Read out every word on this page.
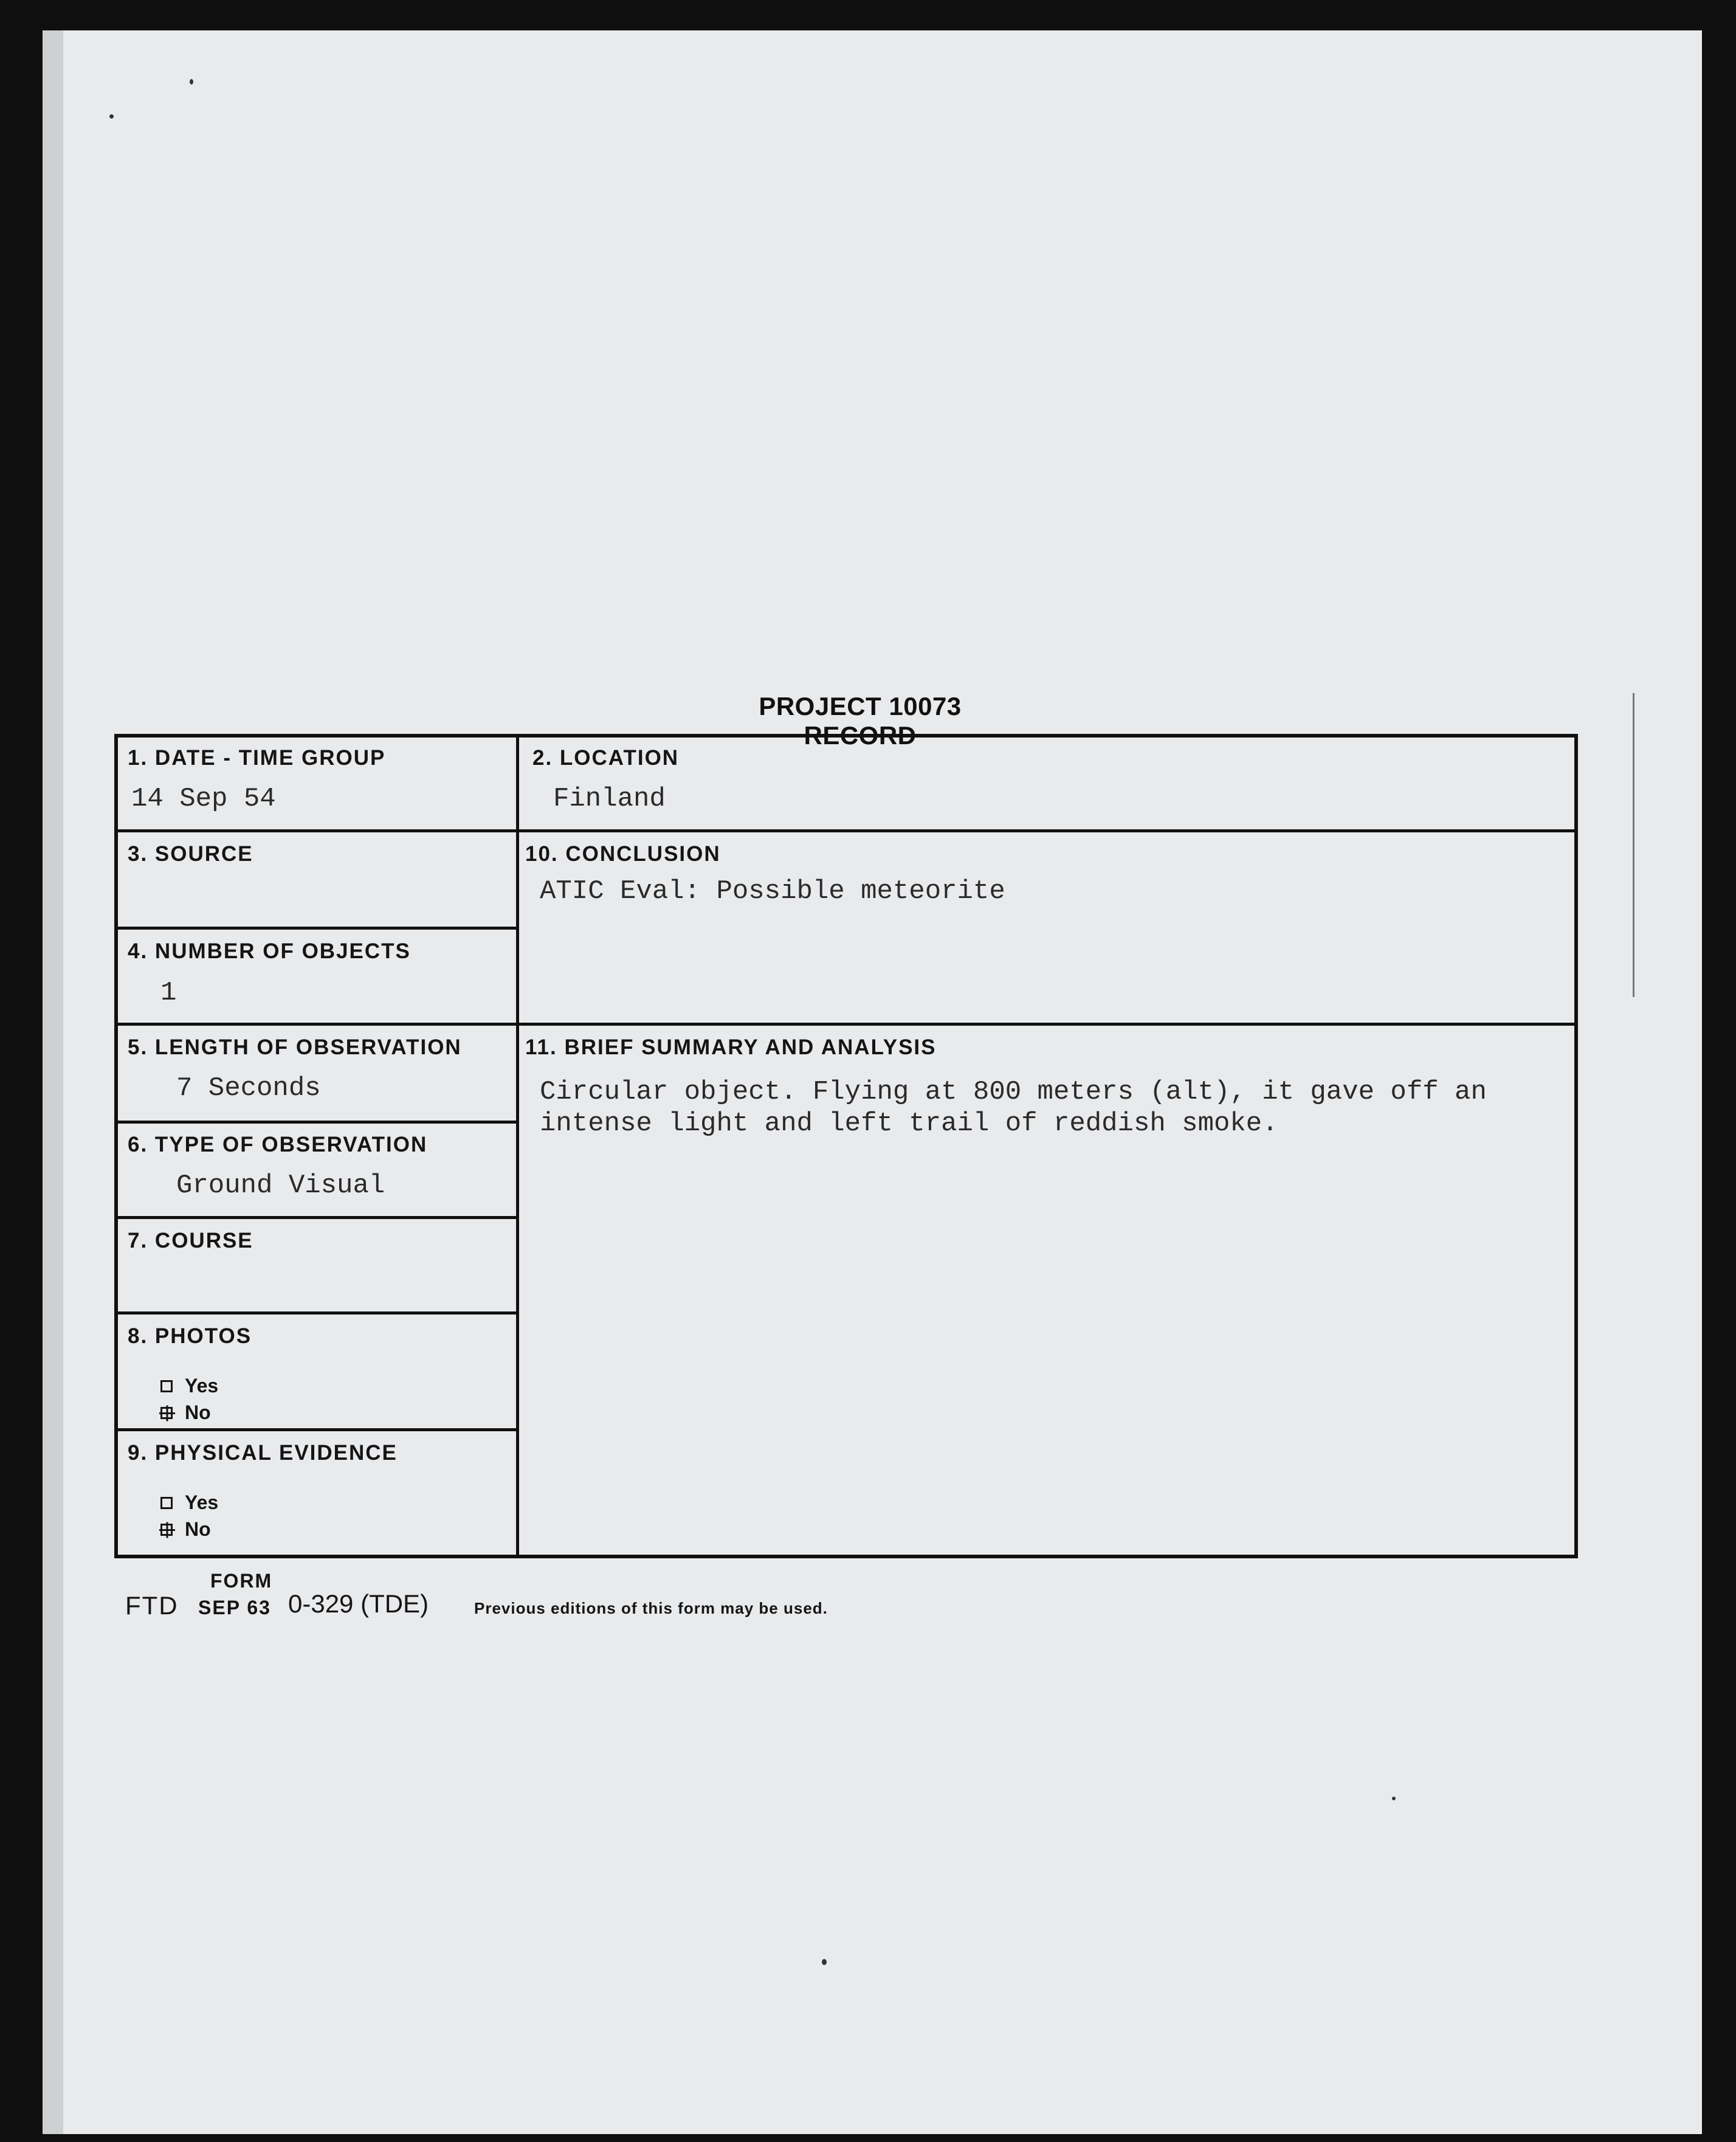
PROJECT 10073 RECORD
1. DATE - TIME GROUP
14 Sep 54
2. LOCATION
Finland
3. SOURCE
4. NUMBER OF OBJECTS
1
10. CONCLUSION
ATIC Eval: Possible meteorite
5. LENGTH OF OBSERVATION
7 Seconds
11. BRIEF SUMMARY AND ANALYSIS
Circular object. Flying at 800 meters (alt), it gave off an intense light and left trail of reddish smoke.
6. TYPE OF OBSERVATION
Ground Visual
7. COURSE
8. PHOTOS
Yes
No
9. PHYSICAL EVIDENCE
Yes
No
FORM
FTD SEP 63 0-329 (TDE)	Previous editions of this form may be used.
